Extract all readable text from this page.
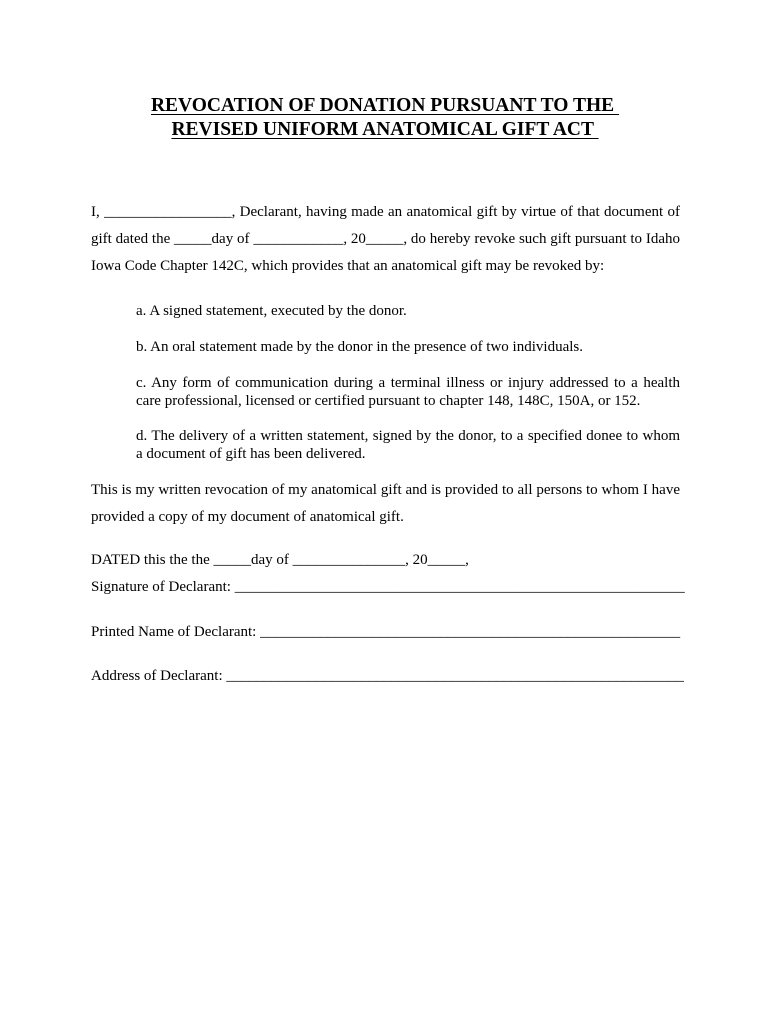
REVOCATION OF DONATION PURSUANT TO THE
REVISED UNIFORM ANATOMICAL GIFT ACT
I, _________________, Declarant, having made an anatomical gift by virtue of that document of gift dated the _____day of ____________, 20_____, do hereby revoke such gift pursuant to Idaho Iowa Code Chapter 142C, which provides that an anatomical gift may be revoked by:
a. A signed statement, executed by the donor.
b. An oral statement made by the donor in the presence of two individuals.
c. Any form of communication during a terminal illness or injury addressed to a health care professional, licensed or certified pursuant to chapter 148, 148C, 150A, or 152.
d. The delivery of a written statement, signed by the donor, to a specified donee to whom a document of gift has been delivered.
This is my written revocation of my anatomical gift and is provided to all persons to whom I have provided a copy of my document of anatomical gift.
DATED this the the _____day of _______________, 20_____,
Signature of Declarant: ____________________________________________________________
Printed Name of Declarant: ________________________________________________________
Address of Declarant: _____________________________________________________________
